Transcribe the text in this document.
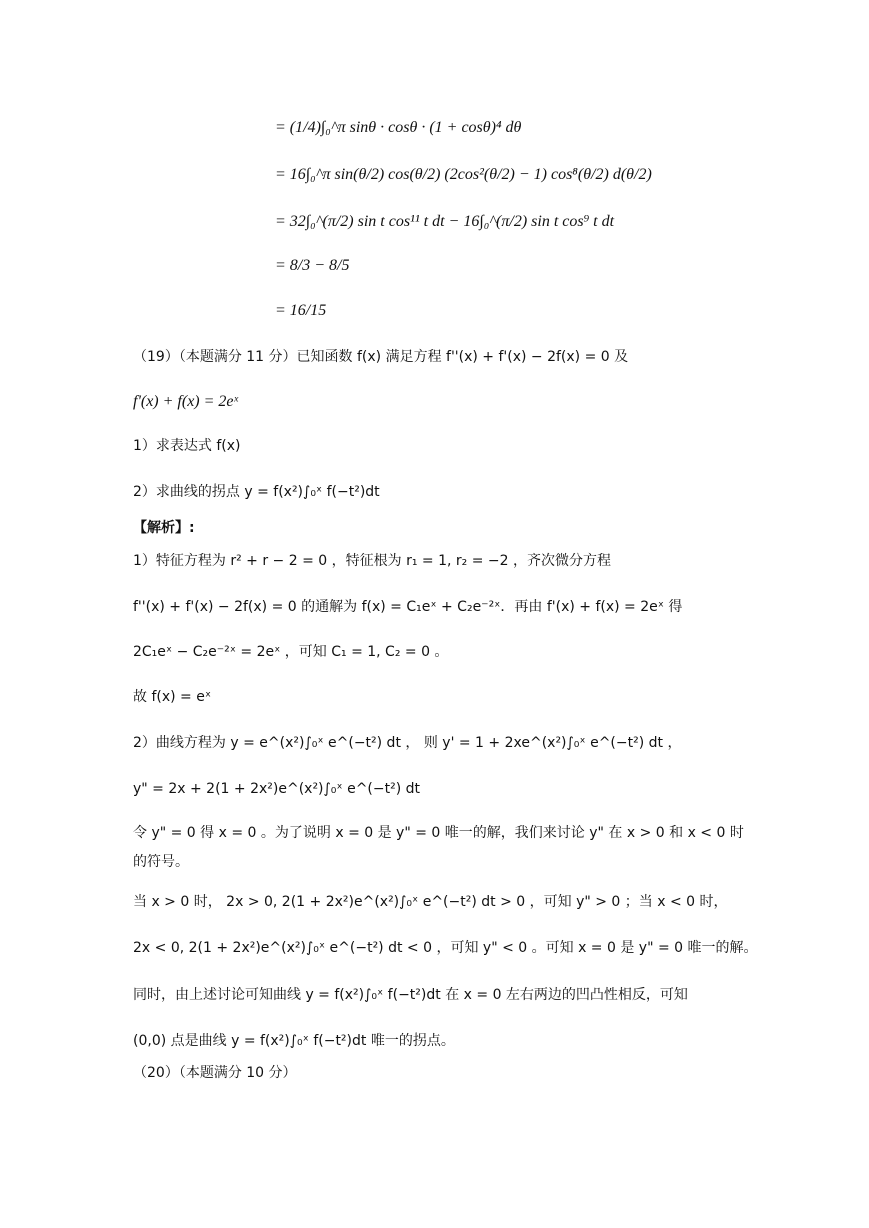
= (1/4)∫₀^π sinθ · cosθ · (1 + cosθ)⁴ dθ
= 16∫₀^π sin(θ/2) cos(θ/2) (2cos²(θ/2) − 1) cos⁸(θ/2) d(θ/2)
= 32∫₀^(π/2) sin t cos¹¹ t dt − 16∫₀^(π/2) sin t cos⁹ t dt
= 8/3 − 8/5
= 16/15
（19）（本题满分 11 分）已知函数 f(x) 满足方程 f''(x) + f'(x) − 2f(x) = 0 及
f'(x) + f(x) = 2eˣ
1）求表达式 f(x)
2）求曲线的拐点 y = f(x²)∫₀ˣ f(−t²)dt
【解析】:
1）特征方程为 r² + r − 2 = 0 ，特征根为 r₁ = 1, r₂ = −2 ，齐次微分方程
f''(x) + f'(x) − 2f(x) = 0 的通解为 f(x) = C₁eˣ + C₂e⁻²ˣ．再由 f'(x) + f(x) = 2eˣ 得
2C₁eˣ − C₂e⁻²ˣ = 2eˣ ，可知 C₁ = 1, C₂ = 0 。
故 f(x) = eˣ
2）曲线方程为 y = e^(x²)∫₀ˣ e^(−t²) dt ， 则 y' = 1 + 2xe^(x²)∫₀ˣ e^(−t²) dt ，
y" = 2x + 2(1 + 2x²)e^(x²)∫₀ˣ e^(−t²) dt
令 y" = 0 得 x = 0 。为了说明 x = 0 是 y" = 0 唯一的解，我们来讨论 y" 在 x > 0 和 x < 0 时
的符号。
当 x > 0 时， 2x > 0, 2(1 + 2x²)e^(x²)∫₀ˣ e^(−t²) dt > 0 ，可知 y" > 0 ；当 x < 0 时，
2x < 0, 2(1 + 2x²)e^(x²)∫₀ˣ e^(−t²) dt < 0 ，可知 y" < 0 。可知 x = 0 是 y" = 0 唯一的解。
同时，由上述讨论可知曲线 y = f(x²)∫₀ˣ f(−t²)dt 在 x = 0 左右两边的凹凸性相反，可知
(0,0) 点是曲线 y = f(x²)∫₀ˣ f(−t²)dt 唯一的拐点。
（20）（本题满分 10 分）
